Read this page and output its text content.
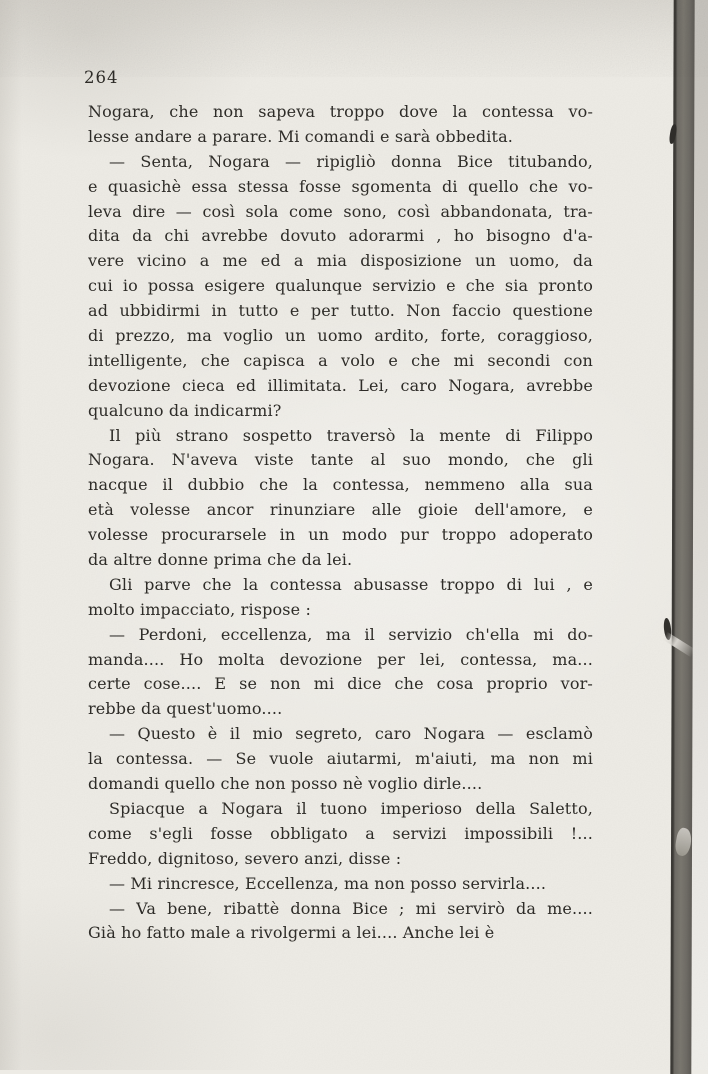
264
Nogara, che non sapeva troppo dove la contessa vo-
lesse andare a parare. Mi comandi e sarà obbedita.
— Senta, Nogara — ripigliò donna Bice titubando,
e quasichè essa stessa fosse sgomenta di quello che vo-
leva dire — così sola come sono, così abbandonata, tra-
dita da chi avrebbe dovuto adorarmi , ho bisogno d'a-
vere vicino a me ed a mia disposizione un uomo, da
cui io possa esigere qualunque servizio e che sia pronto
ad ubbidirmi in tutto e per tutto. Non faccio questione
di prezzo, ma voglio un uomo ardito, forte, coraggioso,
intelligente, che capisca a volo e che mi secondi con
devozione cieca ed illimitata. Lei, caro Nogara, avrebbe
qualcuno da indicarmi?
Il più strano sospetto traversò la mente di Filippo
Nogara. N'aveva viste tante al suo mondo, che gli
nacque il dubbio che la contessa, nemmeno alla sua
età volesse ancor rinunziare alle gioie dell'amore, e
volesse procurarsele in un modo pur troppo adoperato
da altre donne prima che da lei.
Gli parve che la contessa abusasse troppo di lui , e
molto impacciato, rispose :
— Perdoni, eccellenza, ma il servizio ch'ella mi do-
manda.... Ho molta devozione per lei, contessa, ma...
certe cose.... E se non mi dice che cosa proprio vor-
rebbe da quest'uomo....
— Questo è il mio segreto, caro Nogara — esclamò
la contessa. — Se vuole aiutarmi, m'aiuti, ma non mi
domandi quello che non posso nè voglio dirle....
Spiacque a Nogara il tuono imperioso della Saletto,
come s'egli fosse obbligato a servizi impossibili !...
Freddo, dignitoso, severo anzi, disse :
— Mi rincresce, Eccellenza, ma non posso servirla....
— Va bene, ribattè donna Bice ; mi servirò da me....
Già ho fatto male a rivolgermi a lei.... Anche lei è
